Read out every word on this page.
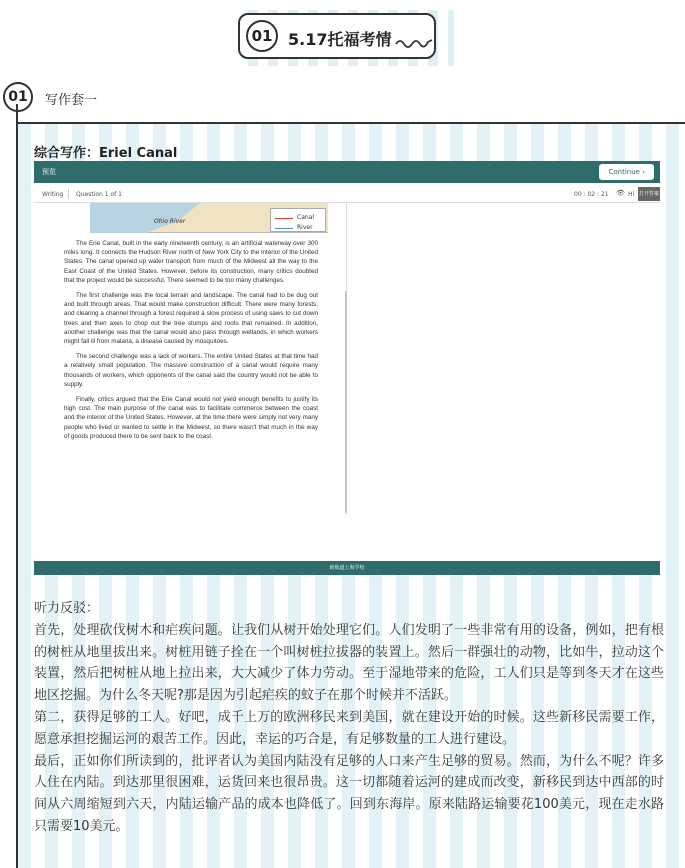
01 5.17托福考情
01	写作套一
综合写作：Eriel Canal
预览	Continue ›
Writing Question 1 of 1	00 : 02 : 21 👁 Hi 打开答案
Ohio River
Canal
River

The Erie Canal, built in the early nineteenth century, is an artificial waterway over 300 miles long. It connects the Hudson River north of New York City to the interior of the United States. The canal opened up water transport from much of the Midwest all the way to the East Coast of the United States. However, before its construction, many critics doubted that the project would be successful. There seemed to be too many challenges.

The first challenge was the local terrain and landscape. The canal had to be dug out and built through areas. That would make construction difficult. There were many forests, and clearing a channel through a forest required a slow process of using saws to cut down trees and then axes to chop out the tree stumps and roots that remained. In addition, another challenge was that the canal would also pass through wetlands, in which workers might fall ill from malaria, a disease caused by mosquitoes.

The second challenge was a lack of workers. The entire United States at that time had a relatively small population. The massive construction of a canal would require many thousands of workers, which opponents of the canal said the country would not be able to supply.

Finally, critics argued that the Erie Canal would not yield enough benefits to justify its high cost. The main purpose of the canal was to facilitate commerce between the coast and the interior of the United States. However, at the time there were simply not very many people who lived or wanted to settle in the Midwest, so there wasn't that much in the way of goods produced there to be sent back to the coast.

新航道上海学校

听力反驳：

首先，处理砍伐树木和疟疾问题。让我们从树开始处理它们。人们发明了一些非常有用的设备，例如，把有根的树桩从地里拔出来。树桩用链子拴在一个叫树桩拉拔器的装置上。然后一群强壮的动物，比如牛，拉动这个装置，然后把树桩从地上拉出来，大大减少了体力劳动。至于湿地带来的危险，工人们只是等到冬天才在这些地区挖掘。为什么冬天呢?那是因为引起疟疾的蚊子在那个时候并不活跃。

第二，获得足够的工人。好吧，成千上万的欧洲移民来到美国，就在建设开始的时候。这些新移民需要工作，愿意承担挖掘运河的艰苦工作。因此，幸运的巧合是，有足够数量的工人进行建设。

最后，正如你们所读到的，批评者认为美国内陆没有足够的人口来产生足够的贸易。然而，为什么不呢？许多人住在内陆。到达那里很困难，运货回来也很昂贵。这一切都随着运河的建成而改变，新移民到达中西部的时间从六周缩短到六天，内陆运输产品的成本也降低了。回到东海岸。原来陆路运输要花100美元，现在走水路只需要10美元。
